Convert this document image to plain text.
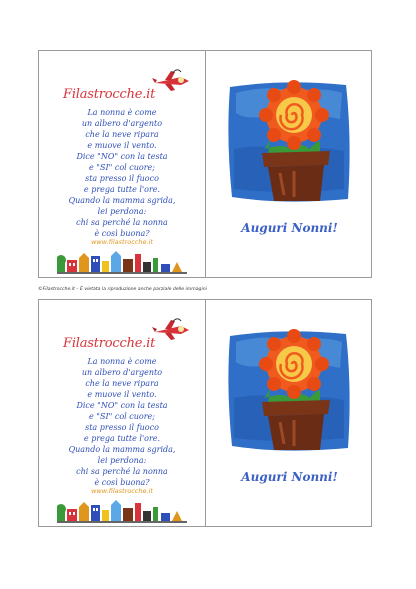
Filastrocche.it
La nonna è come
un albero d'argento
che la neve ripara
e muove il vento.
Dice "NO" con la testa
e "SI" col cuore;
sta presso il fuoco
e prega tutte l'ore.
Quando la mamma sgrida,
lei perdona:
chi sa perché la nonna
è così buona?
www.filastrocche.it
Auguri Nonni!
©Filastrocche.it – È vietata la riproduzione anche parziale delle immagini
Filastrocche.it
La nonna è come
un albero d'argento
che la neve ripara
e muove il vento.
Dice "NO" con la testa
e "SI" col cuore;
sta presso il fuoco
e prega tutte l'ore.
Quando la mamma sgrida,
lei perdona:
chi sa perché la nonna
è così buona?
www.filastrocche.it
Auguri Nonni!
